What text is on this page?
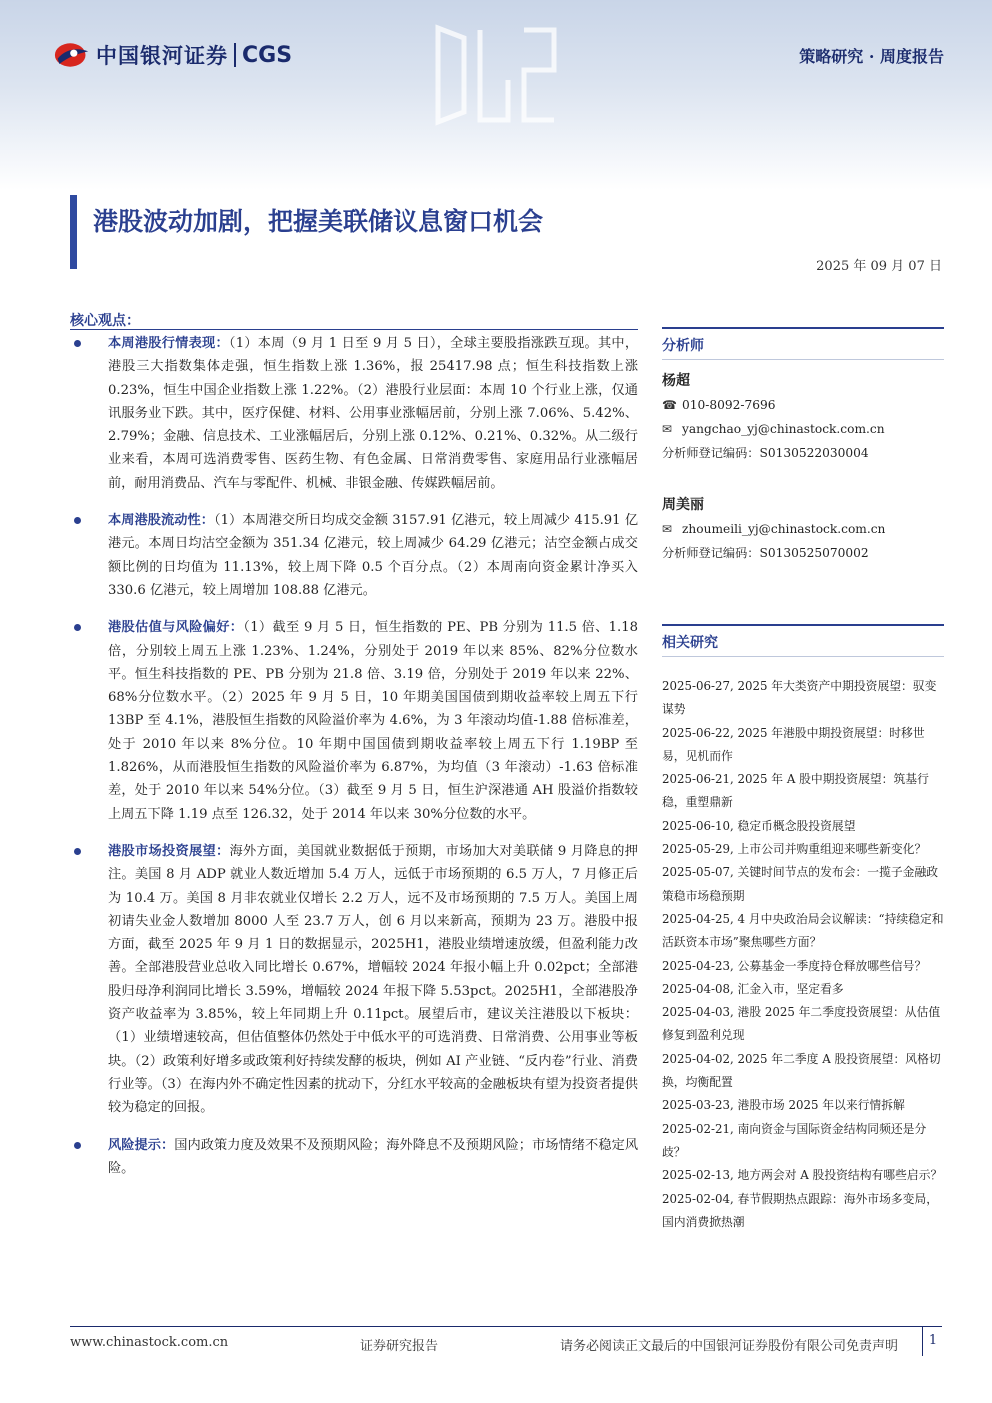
中国银河证券 CGS	策略研究 · 周度报告
港股波动加剧，把握美联储议息窗口机会
2025 年 09 月 07 日
核心观点：
本周港股行情表现：（1）本周（9 月 1 日至 9 月 5 日），全球主要股指涨跌互现。其中，港股三大指数集体走强，恒生指数上涨 1.36%，报 25417.98 点；恒生科技指数上涨 0.23%，恒生中国企业指数上涨 1.22%。（2）港股行业层面：本周 10 个行业上涨，仅通讯服务业下跌。其中，医疗保健、材料、公用事业涨幅居前，分别上涨 7.06%、5.42%、2.79%；金融、信息技术、工业涨幅居后，分别上涨 0.12%、0.21%、0.32%。从二级行业来看，本周可选消费零售、医药生物、有色金属、日常消费零售、家庭用品行业涨幅居前，耐用消费品、汽车与零配件、机械、非银金融、传媒跌幅居前。
本周港股流动性：（1）本周港交所日均成交金额 3157.91 亿港元，较上周减少 415.91 亿港元。本周日均沽空金额为 351.34 亿港元，较上周减少 64.29 亿港元；沽空金额占成交额比例的日均值为 11.13%，较上周下降 0.5 个百分点。（2）本周南向资金累计净买入 330.6 亿港元，较上周增加 108.88 亿港元。
港股估值与风险偏好：（1）截至 9 月 5 日，恒生指数的 PE、PB 分别为 11.5 倍、1.18 倍，分别较上周五上涨 1.23%、1.24%，分别处于 2019 年以来 85%、82%分位数水平。恒生科技指数的 PE、PB 分别为 21.8 倍、3.19 倍，分别处于 2019 年以来 22%、68%分位数水平。（2）2025 年 9 月 5 日，10 年期美国国债到期收益率较上周五下行 13BP 至 4.1%，港股恒生指数的风险溢价率为 4.6%，为 3 年滚动均值-1.88 倍标准差，处于 2010 年以来 8%分位。10 年期中国国债到期收益率较上周五下行 1.19BP 至 1.826%，从而港股恒生指数的风险溢价率为 6.87%，为均值（3 年滚动）-1.63 倍标准差，处于 2010 年以来 54%分位。（3）截至 9 月 5 日，恒生沪深港通 AH 股溢价指数较上周五下降 1.19 点至 126.32，处于 2014 年以来 30%分位数的水平。
港股市场投资展望：海外方面，美国就业数据低于预期，市场加大对美联储 9 月降息的押注。美国 8 月 ADP 就业人数近增加 5.4 万人，远低于市场预期的 6.5 万人，7 月修正后为 10.4 万。美国 8 月非农就业仅增长 2.2 万人，远不及市场预期的 7.5 万人。美国上周初请失业金人数增加 8000 人至 23.7 万人，创 6 月以来新高，预期为 23 万。港股中报方面，截至 2025 年 9 月 1 日的数据显示，2025H1，港股业绩增速放缓，但盈利能力改善。全部港股营业总收入同比增长 0.67%，增幅较 2024 年报小幅上升 0.02pct；全部港股归母净利润同比增长 3.59%，增幅较 2024 年报下降 5.53pct。2025H1，全部港股净资产收益率为 3.85%，较上年同期上升 0.11pct。展望后市，建议关注港股以下板块：（1）业绩增速较高，但估值整体仍然处于中低水平的可选消费、日常消费、公用事业等板块。（2）政策利好增多或政策利好持续发酵的板块，例如 AI 产业链、“反内卷”行业、消费行业等。（3）在海内外不确定性因素的扰动下，分红水平较高的金融板块有望为投资者提供较为稳定的回报。
风险提示：国内政策力度及效果不及预期风险；海外降息不及预期风险；市场情绪不稳定风险。
分析师
杨超
☎ 010-8092-7696
✉ yangchao_yj@chinastock.com.cn
分析师登记编码：S0130522030004
周美丽
✉ zhoumeili_yj@chinastock.com.cn
分析师登记编码：S0130525070002
相关研究
2025-06-27, 2025 年大类资产中期投资展望：驭变谋势
2025-06-22, 2025 年港股中期投资展望：时移世易，见机而作
2025-06-21, 2025 年 A 股中期投资展望：筑基行稳，重塑鼎新
2025-06-10, 稳定币概念股投资展望
2025-05-29, 上市公司并购重组迎来哪些新变化？
2025-05-07, 关键时间节点的发布会：一揽子金融政策稳市场稳预期
2025-04-25, 4 月中央政治局会议解读：“持续稳定和活跃资本市场”聚焦哪些方面？
2025-04-23, 公募基金一季度持仓释放哪些信号？
2025-04-08, 汇金入市，坚定看多
2025-04-03, 港股 2025 年二季度投资展望：从估值修复到盈利兑现
2025-04-02, 2025 年二季度 A 股投资展望：风格切换，均衡配置
2025-03-23, 港股市场 2025 年以来行情拆解
2025-02-21, 南向资金与国际资金结构同频还是分歧？
2025-02-13, 地方两会对 A 股投资结构有哪些启示？
2025-02-04, 春节假期热点跟踪：海外市场多变局，国内消费掀热潮
www.chinastock.com.cn	证券研究报告	请务必阅读正文最后的中国银河证券股份有限公司免责声明	1
